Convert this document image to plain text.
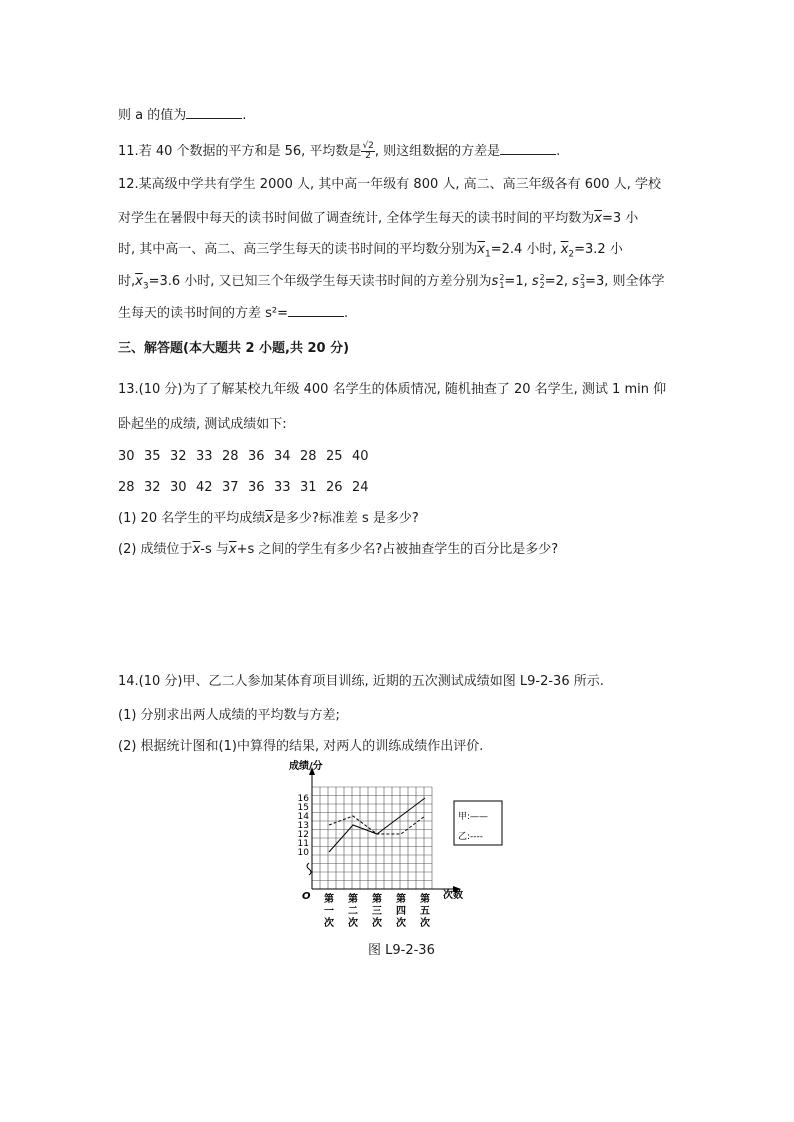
则 a 的值为	.
11.若 40 个数据的平方和是 56, 平均数是 $\frac{√2}{2}$ , 则这组数据的方差是	.
12.某高级中学共有学生 2000 人, 其中高一年级有 800 人, 高二、高三年级各有 600 人, 学校
对学生在暑假中每天的读书时间做了调查统计, 全体学生每天的读书时间的平均数为$\overline{x}=3$ 小
时, 其中高一、高二、高三学生每天的读书时间的平均数分别为$\overline{x}_1=2.4$ 小时, $\overline{x}_2=3.2$ 小
时$,\overline{x}_3=3.6$ 小时, 又已知三个年级学生每天读书时间的方差分别为s 2
1 =1, s 2
2 =2, s 2
3 =3, 则全体学
生每天的读书时间的方差 s²=	.
三、解答题(本大题共 2 小题,共 20 分)
13.(10 分)为了了解某校九年级 400 名学生的体质情况, 随机抽查了 20 名学生, 测试 1 min 仰
卧起坐的成绩, 测试成绩如下:
30 35 32 33 28 36 34 28 25 40
28 32 30 42 37 36 33 31 26 24
(1) 20 名学生的平均成绩$\overline{x}$是多少?标准差 s 是多少?
(2) 成绩位于$\overline{x}-s$ 与$\overline{x}+s$ 之间的学生有多少名?占被抽查学生的百分比是多少?
14.(10 分)甲、乙二人参加某体育项目训练, 近期的五次测试成绩如图 L9-2-36 所示.
(1) 分别求出两人成绩的平均数与方差;
(2) 根据统计图和(1)中算得的结果, 对两人的训练成绩作出评价.
成绩/分
次数
O
10
11
12
13
14
15
16
第
一
次
第
二
次
第
三
次
第
四
次
第
五
次
甲:——
乙:----
图 L9-2-36
